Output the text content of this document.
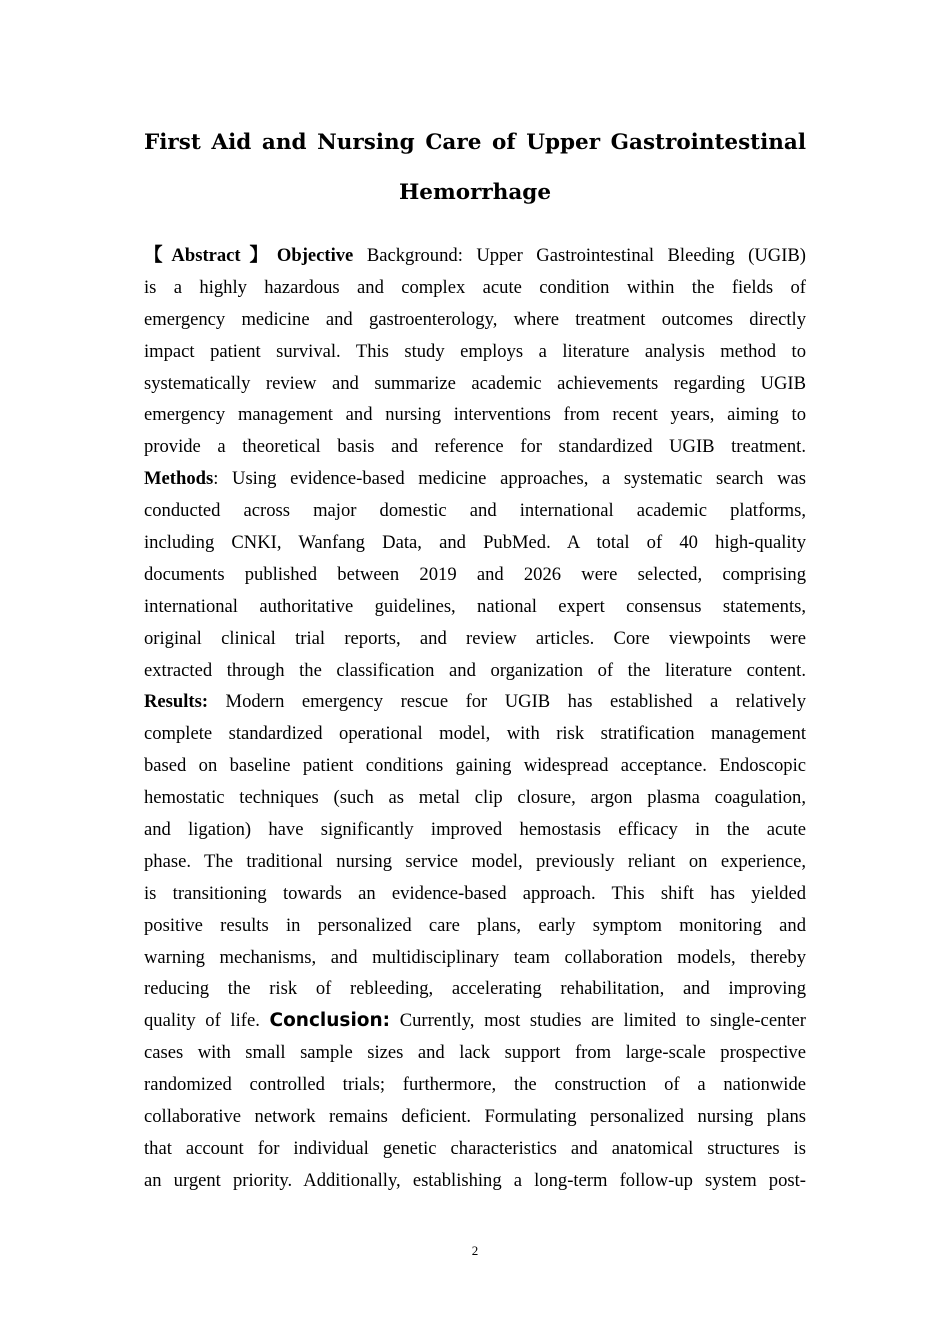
First Aid and Nursing Care of Upper Gastrointestinal
Hemorrhage
【Abstract】Objective Background: Upper Gastrointestinal Bleeding (UGIB)
is a highly hazardous and complex acute condition within the fields of
emergency medicine and gastroenterology, where treatment outcomes directly
impact patient survival. This study employs a literature analysis method to
systematically review and summarize academic achievements regarding UGIB
emergency management and nursing interventions from recent years, aiming to
provide a theoretical basis and reference for standardized UGIB treatment.
Methods: Using evidence-based medicine approaches, a systematic search was
conducted across major domestic and international academic platforms,
including CNKI, Wanfang Data, and PubMed. A total of 40 high-quality
documents published between 2019 and 2026 were selected, comprising
international authoritative guidelines, national expert consensus statements,
original clinical trial reports, and review articles. Core viewpoints were
extracted through the classification and organization of the literature content.
Results: Modern emergency rescue for UGIB has established a relatively
complete standardized operational model, with risk stratification management
based on baseline patient conditions gaining widespread acceptance. Endoscopic
hemostatic techniques (such as metal clip closure, argon plasma coagulation,
and ligation) have significantly improved hemostasis efficacy in the acute
phase. The traditional nursing service model, previously reliant on experience,
is transitioning towards an evidence-based approach. This shift has yielded
positive results in personalized care plans, early symptom monitoring and
warning mechanisms, and multidisciplinary team collaboration models, thereby
reducing the risk of rebleeding, accelerating rehabilitation, and improving
quality of life. Conclusion: Currently, most studies are limited to single-center
cases with small sample sizes and lack support from large-scale prospective
randomized controlled trials; furthermore, the construction of a nationwide
collaborative network remains deficient. Formulating personalized nursing plans
that account for individual genetic characteristics and anatomical structures is
an urgent priority. Additionally, establishing a long-term follow-up system post-
2
